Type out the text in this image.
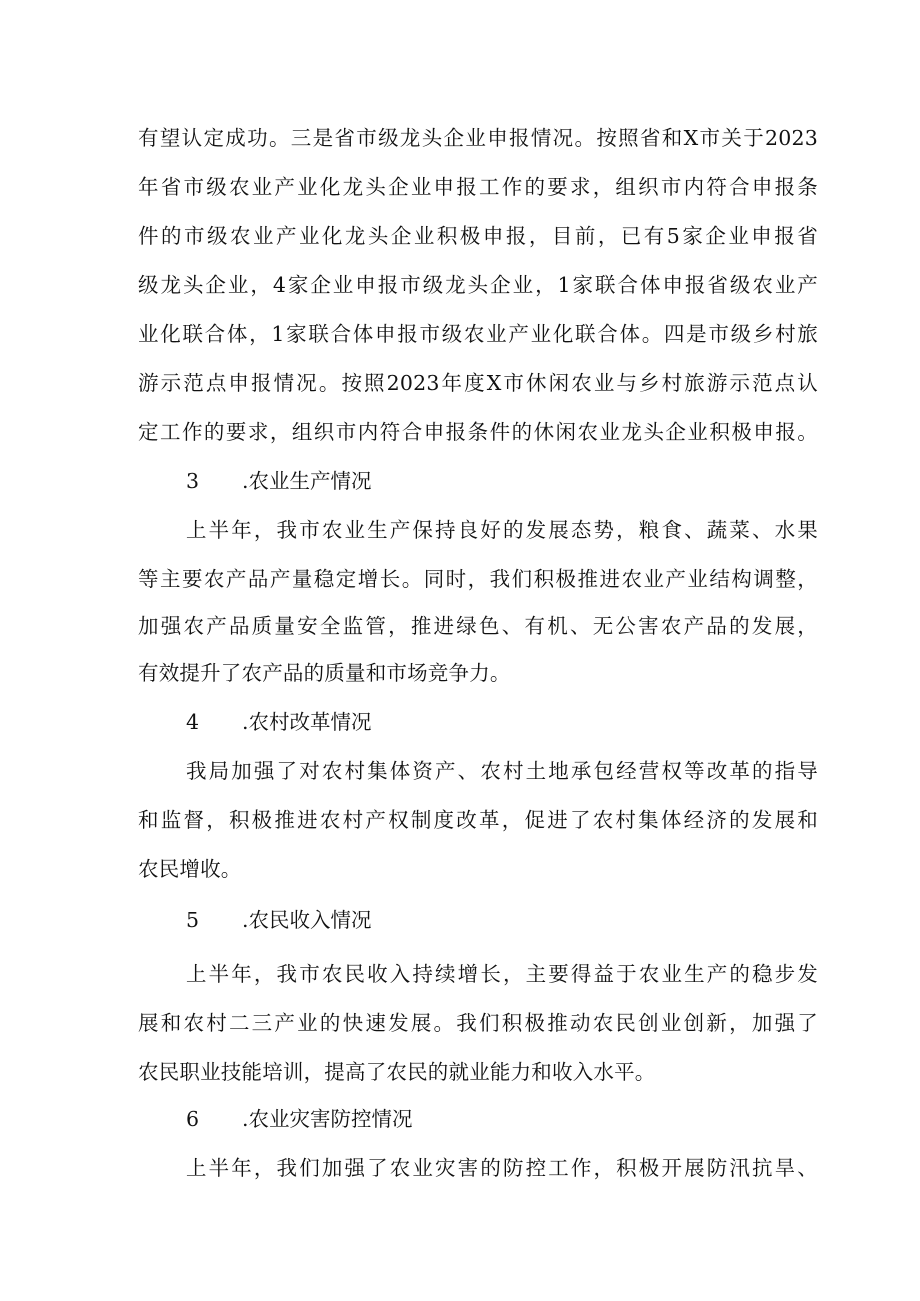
有望认定成功。三是省市级龙头企业申报情况。按照省和X市关于2023
年省市级农业产业化龙头企业申报工作的要求，组织市内符合申报条
件的市级农业产业化龙头企业积极申报，目前，已有5家企业申报省
级龙头企业，4家企业申报市级龙头企业，1家联合体申报省级农业产
业化联合体，1家联合体申报市级农业产业化联合体。四是市级乡村旅
游示范点申报情况。按照2023年度X市休闲农业与乡村旅游示范点认
定工作的要求，组织市内符合申报条件的休闲农业龙头企业积极申报。
3 .农业生产情况
上半年，我市农业生产保持良好的发展态势，粮食、蔬菜、水果
等主要农产品产量稳定增长。同时，我们积极推进农业产业结构调整，
加强农产品质量安全监管，推进绿色、有机、无公害农产品的发展，
有效提升了农产品的质量和市场竞争力。
4 .农村改革情况
我局加强了对农村集体资产、农村土地承包经营权等改革的指导
和监督，积极推进农村产权制度改革，促进了农村集体经济的发展和
农民增收。
5 .农民收入情况
上半年，我市农民收入持续增长，主要得益于农业生产的稳步发
展和农村二三产业的快速发展。我们积极推动农民创业创新，加强了
农民职业技能培训，提高了农民的就业能力和收入水平。
6 .农业灾害防控情况
上半年，我们加强了农业灾害的防控工作，积极开展防汛抗旱、
